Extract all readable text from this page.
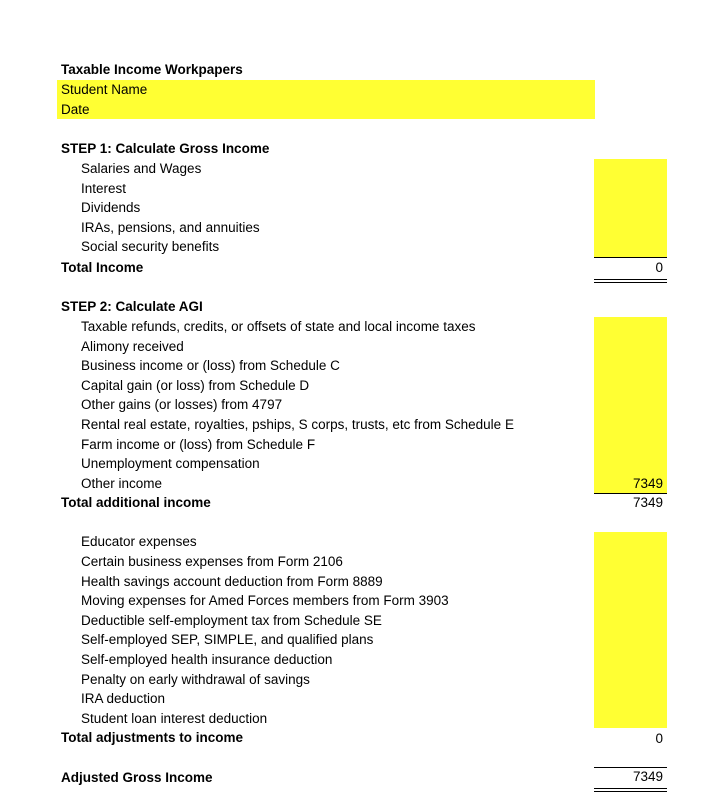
Taxable Income Workpapers
Student Name
Date
STEP 1: Calculate Gross Income
Salaries and Wages
Interest
Dividends
IRAs, pensions, and annuities
Social security benefits
Total Income	0
STEP 2: Calculate AGI
Taxable refunds, credits, or offsets of state and local income taxes
Alimony received
Business income or (loss) from Schedule C
Capital gain (or loss) from Schedule D
Other gains (or losses) from 4797
Rental real estate, royalties, pships, S corps, trusts, etc from Schedule E
Farm income or (loss) from Schedule F
Unemployment compensation
Other income	7349
Total additional income	7349
Educator expenses
Certain business expenses from Form 2106
Health savings account deduction from Form 8889
Moving expenses for Amed Forces members from Form 3903
Deductible self-employment tax from Schedule SE
Self-employed SEP, SIMPLE, and qualified plans
Self-employed health insurance deduction
Penalty on early withdrawal of savings
IRA deduction
Student loan interest deduction
Total adjustments to income	0
Adjusted Gross Income	7349
